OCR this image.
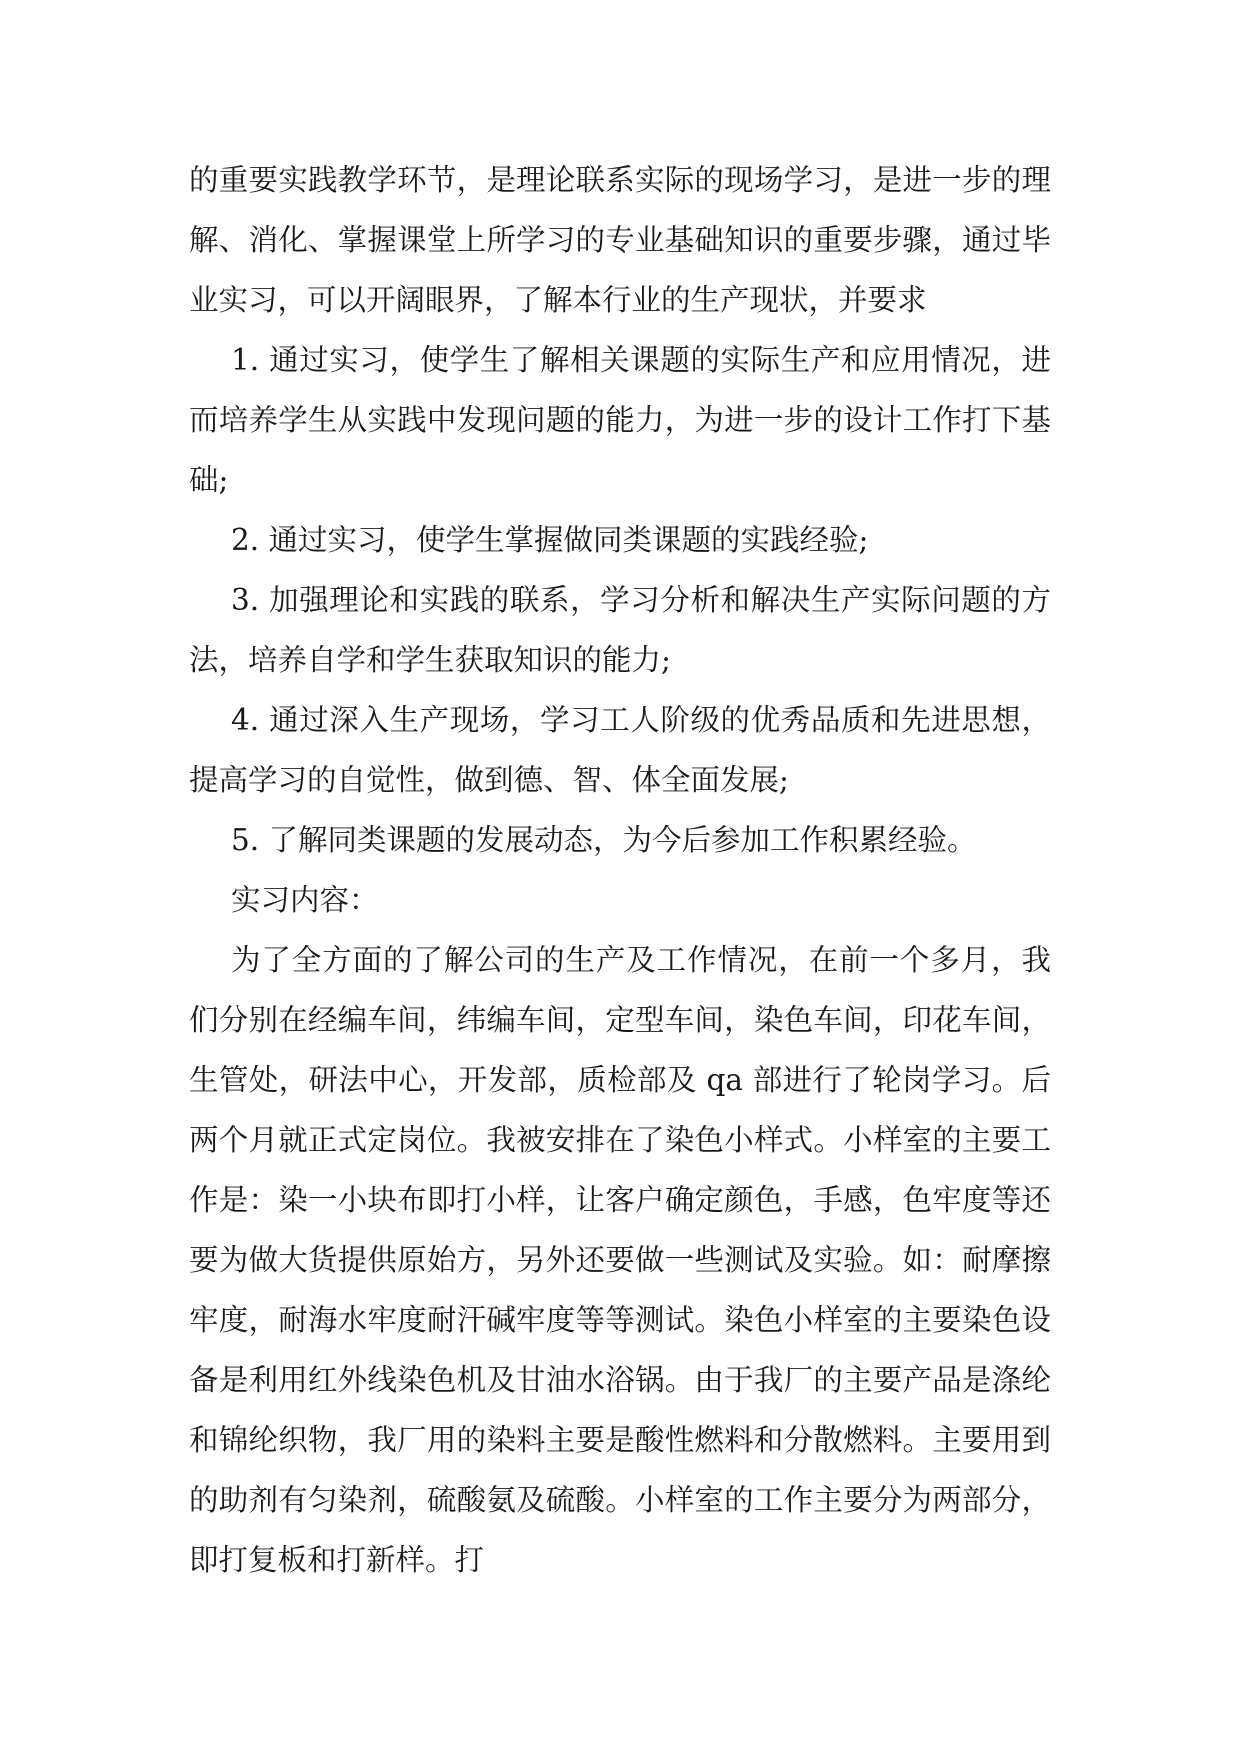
的重要实践教学环节，是理论联系实际的现场学习，是进一步的理解、消化、掌握课堂上所学习的专业基础知识的重要步骤，通过毕业实习，可以开阔眼界，了解本行业的生产现状，并要求

1. 通过实习，使学生了解相关课题的实际生产和应用情况，进而培养学生从实践中发现问题的能力，为进一步的设计工作打下基础;

2. 通过实习，使学生掌握做同类课题的实践经验;

3. 加强理论和实践的联系，学习分析和解决生产实际问题的方法，培养自学和学生获取知识的能力;

4. 通过深入生产现场，学习工人阶级的优秀品质和先进思想，提高学习的自觉性，做到德、智、体全面发展;

5. 了解同类课题的发展动态，为今后参加工作积累经验。

实习内容：

为了全方面的了解公司的生产及工作情况，在前一个多月，我们分别在经编车间，纬编车间，定型车间，染色车间，印花车间，生管处，研法中心，开发部，质检部及 qa 部进行了轮岗学习。后两个月就正式定岗位。我被安排在了染色小样式。小样室的主要工作是：染一小块布即打小样，让客户确定颜色，手感，色牢度等还要为做大货提供原始方，另外还要做一些测试及实验。如：耐摩擦牢度，耐海水牢度耐汗碱牢度等等测试。染色小样室的主要染色设备是利用红外线染色机及甘油水浴锅。由于我厂的主要产品是涤纶和锦纶织物，我厂用的染料主要是酸性燃料和分散燃料。主要用到的助剂有匀染剂，硫酸氨及硫酸。小样室的工作主要分为两部分，即打复板和打新样。打
